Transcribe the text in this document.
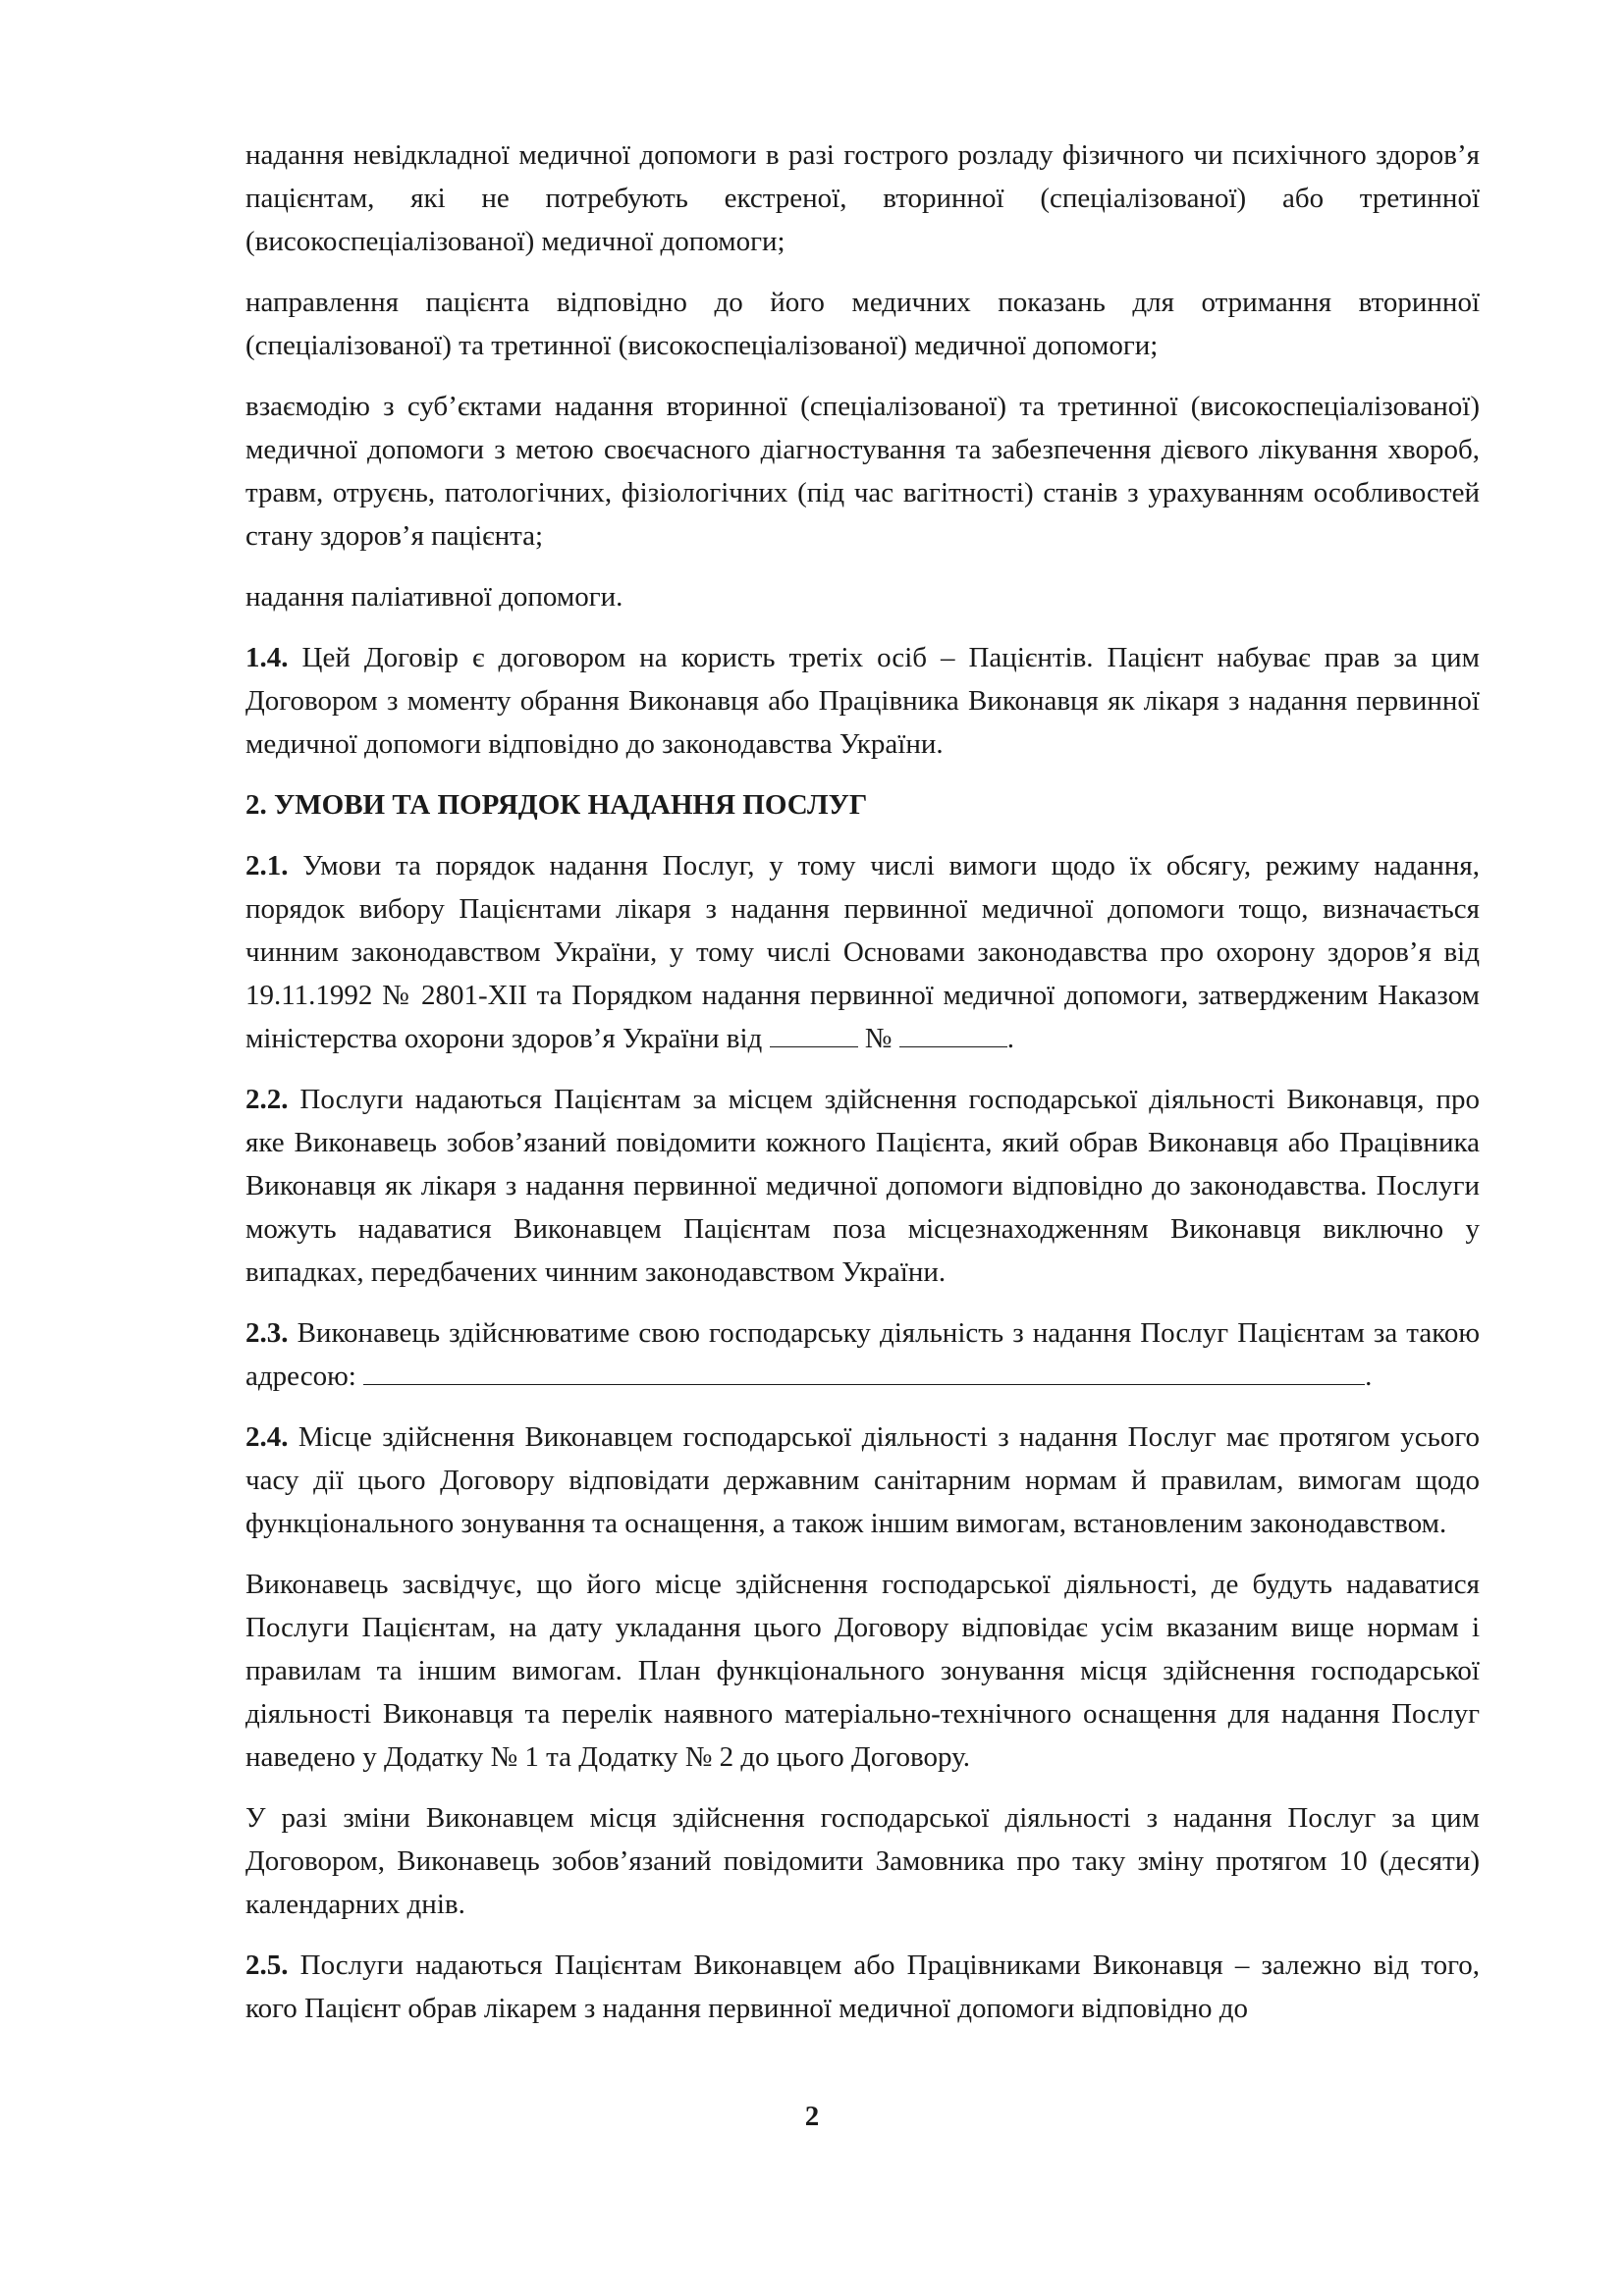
надання невідкладної медичної допомоги в разі гострого розладу фізичного чи психічного здоров’я пацієнтам, які не потребують екстреної, вторинної (спеціалізованої) або третинної (високоспеціалізованої) медичної допомоги;

направлення пацієнта відповідно до його медичних показань для отримання вторинної (спеціалізованої) та третинної (високоспеціалізованої) медичної допомоги;

взаємодію з суб’єктами надання вторинної (спеціалізованої) та третинної (високоспеціалізованої) медичної допомоги з метою своєчасного діагностування та забезпечення дієвого лікування хвороб, травм, отруєнь, патологічних, фізіологічних (під час вагітності) станів з урахуванням особливостей стану здоров’я пацієнта;

надання паліативної допомоги.

1.4. Цей Договір є договором на користь третіх осіб – Пацієнтів. Пацієнт набуває прав за цим Договором з моменту обрання Виконавця або Працівника Виконавця як лікаря з надання первинної медичної допомоги відповідно до законодавства України.

2. УМОВИ ТА ПОРЯДОК НАДАННЯ ПОСЛУГ

2.1. Умови та порядок надання Послуг, у тому числі вимоги щодо їх обсягу, режиму надання, порядок вибору Пацієнтами лікаря з надання первинної медичної допомоги тощо, визначається чинним законодавством України, у тому числі Основами законодавства про охорону здоров’я від 19.11.1992 № 2801-XII та Порядком надання первинної медичної допомоги, затвердженим Наказом міністерства охорони здоров’я України від	№	.

2.2. Послуги надаються Пацієнтам за місцем здійснення господарської діяльності Виконавця, про яке Виконавець зобов’язаний повідомити кожного Пацієнта, який обрав Виконавця або Працівника Виконавця як лікаря з надання первинної медичної допомоги відповідно до законодавства. Послуги можуть надаватися Виконавцем Пацієнтам поза місцезнаходженням Виконавця виключно у випадках, передбачених чинним законодавством України.

2.3. Виконавець здійснюватиме свою господарську діяльність з надання Послуг Пацієнтам за такою адресою:	.

2.4. Місце здійснення Виконавцем господарської діяльності з надання Послуг має протягом усього часу дії цього Договору відповідати державним санітарним нормам й правилам, вимогам щодо функціонального зонування та оснащення, а також іншим вимогам, встановленим законодавством.

Виконавець засвідчує, що його місце здійснення господарської діяльності, де будуть надаватися Послуги Пацієнтам, на дату укладання цього Договору відповідає усім вказаним вище нормам і правилам та іншим вимогам. План функціонального зонування місця здійснення господарської діяльності Виконавця та перелік наявного матеріально-технічного оснащення для надання Послуг наведено у Додатку № 1 та Додатку № 2 до цього Договору.

У разі зміни Виконавцем місця здійснення господарської діяльності з надання Послуг за цим Договором, Виконавець зобов’язаний повідомити Замовника про таку зміну протягом 10 (десяти) календарних днів.

2.5. Послуги надаються Пацієнтам Виконавцем або Працівниками Виконавця – залежно від того, кого Пацієнт обрав лікарем з надання первинної медичної допомоги відповідно до

2
